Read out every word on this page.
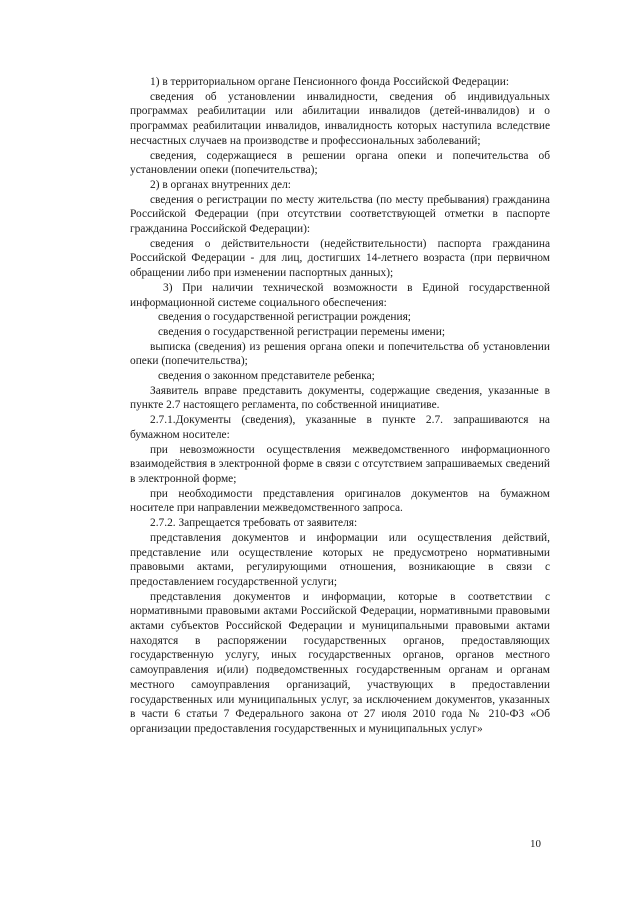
1) в территориальном органе Пенсионного фонда Российской Федерации:

сведения об установлении инвалидности, сведения об индивидуальных программах реабилитации или абилитации инвалидов (детей-инвалидов) и о программах реабилитации инвалидов, инвалидность которых наступила вследствие несчастных случаев на производстве и профессиональных заболеваний;

сведения, содержащиеся в решении органа опеки и попечительства об установлении опеки (попечительства);

2) в органах внутренних дел:

сведения о регистрации по месту жительства (по месту пребывания) гражданина Российской Федерации (при отсутствии соответствующей отметки в паспорте гражданина Российской Федерации):

сведения о действительности (недействительности) паспорта гражданина Российской Федерации - для лиц, достигших 14-летнего возраста (при первичном обращении либо при изменении паспортных данных);

3) При наличии технической возможности в Единой государственной информационной системе социального обеспечения:

сведения о государственной регистрации рождения;

сведения о государственной регистрации перемены имени;

выписка (сведения) из решения органа опеки и попечительства об установлении опеки (попечительства);

сведения о законном представителе ребенка;

Заявитель вправе представить документы, содержащие сведения, указанные в пункте 2.7 настоящего регламента, по собственной инициативе.

2.7.1.Документы (сведения), указанные в пункте 2.7. запрашиваются на бумажном носителе:

при невозможности осуществления межведомственного информационного взаимодействия в электронной форме в связи с отсутствием запрашиваемых сведений в электронной форме;

при необходимости представления оригиналов документов на бумажном носителе при направлении межведомственного запроса.

2.7.2. Запрещается требовать от заявителя:

представления документов и информации или осуществления действий, представление или осуществление которых не предусмотрено нормативными правовыми актами, регулирующими отношения, возникающие в связи с предоставлением государственной услуги;

представления документов и информации, которые в соответствии с нормативными правовыми актами Российской Федерации, нормативными правовыми актами субъектов Российской Федерации и муниципальными правовыми актами находятся в распоряжении государственных органов, предоставляющих государственную услугу, иных государственных органов, органов местного самоуправления и(или) подведомственных государственным органам и органам местного самоуправления организаций, участвующих в предоставлении государственных или муниципальных услуг, за исключением документов, указанных в части 6 статьи 7 Федерального закона от 27 июля 2010 года № 210-ФЗ «Об организации предоставления государственных и муниципальных услуг»

10
